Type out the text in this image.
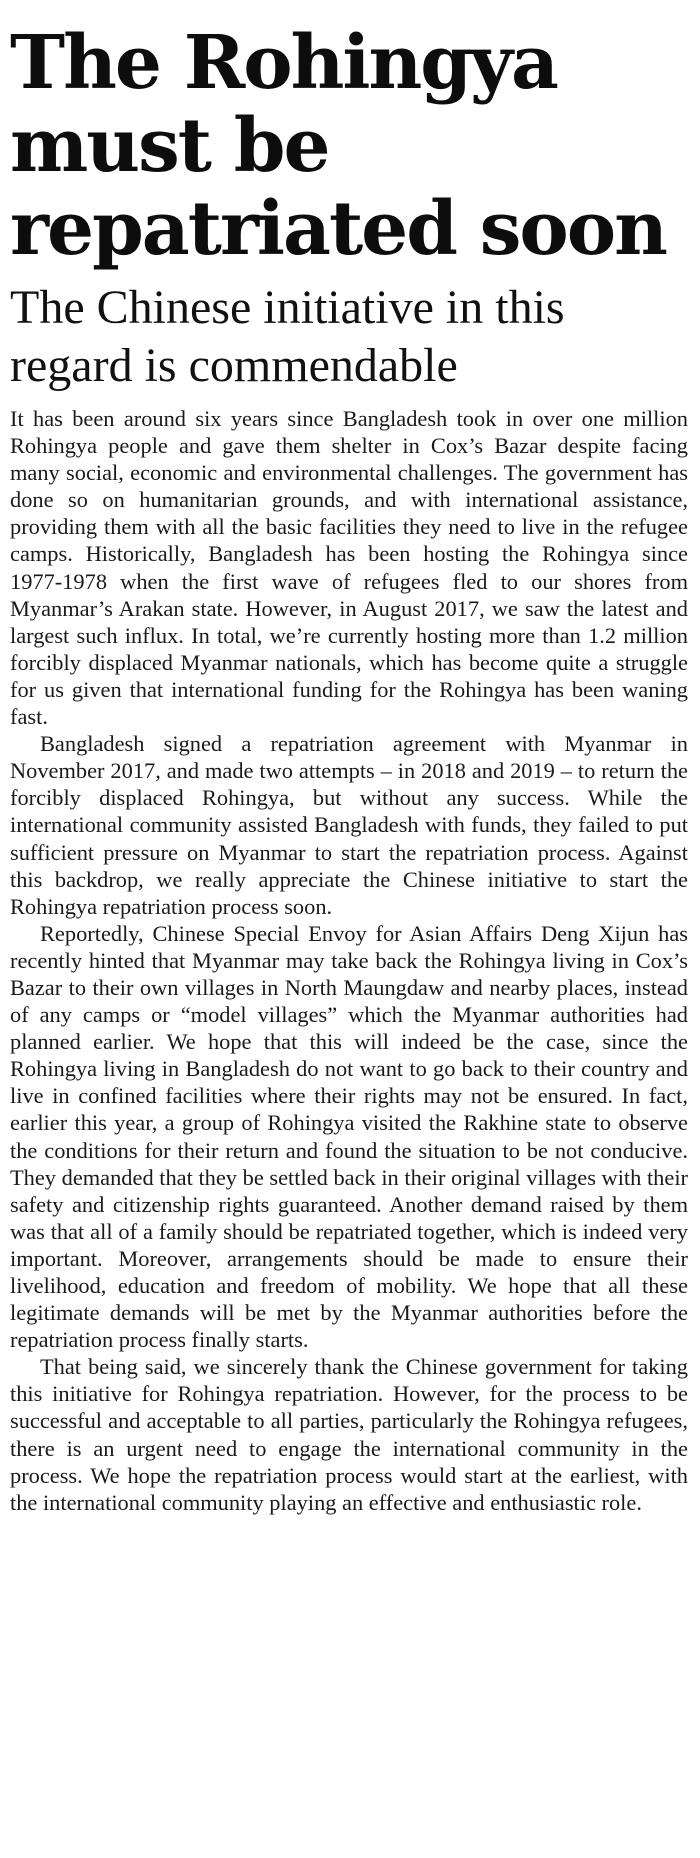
The Rohingya must be repatriated soon
The Chinese initiative in this regard is commendable

It has been around six years since Bangladesh took in over one million Rohingya people and gave them shelter in Cox’s Bazar despite facing many social, economic and environmental challenges. The government has done so on humanitarian grounds, and with international assistance, providing them with all the basic facilities they need to live in the refugee camps. Historically, Bangladesh has been hosting the Rohingya since 1977-1978 when the first wave of refugees fled to our shores from Myanmar’s Arakan state. However, in August 2017, we saw the latest and largest such influx. In total, we’re currently hosting more than 1.2 million forcibly displaced Myanmar nationals, which has become quite a struggle for us given that international funding for the Rohingya has been waning fast.

Bangladesh signed a repatriation agreement with Myanmar in November 2017, and made two attempts – in 2018 and 2019 – to return the forcibly displaced Rohingya, but without any success. While the international community assisted Bangladesh with funds, they failed to put sufficient pressure on Myanmar to start the repatriation process. Against this backdrop, we really appreciate the Chinese initiative to start the Rohingya repatriation process soon.

Reportedly, Chinese Special Envoy for Asian Affairs Deng Xijun has recently hinted that Myanmar may take back the Rohingya living in Cox’s Bazar to their own villages in North Maungdaw and nearby places, instead of any camps or “model villages” which the Myanmar authorities had planned earlier. We hope that this will indeed be the case, since the Rohingya living in Bangladesh do not want to go back to their country and live in confined facilities where their rights may not be ensured. In fact, earlier this year, a group of Rohingya visited the Rakhine state to observe the conditions for their return and found the situation to be not conducive. They demanded that they be settled back in their original villages with their safety and citizenship rights guaranteed. Another demand raised by them was that all of a family should be repatriated together, which is indeed very important. Moreover, arrangements should be made to ensure their livelihood, education and freedom of mobility. We hope that all these legitimate demands will be met by the Myanmar authorities before the repatriation process finally starts.

That being said, we sincerely thank the Chinese government for taking this initiative for Rohingya repatriation. However, for the process to be successful and acceptable to all parties, particularly the Rohingya refugees, there is an urgent need to engage the international community in the process. We hope the repatriation process would start at the earliest, with the international community playing an effective and enthusiastic role.
